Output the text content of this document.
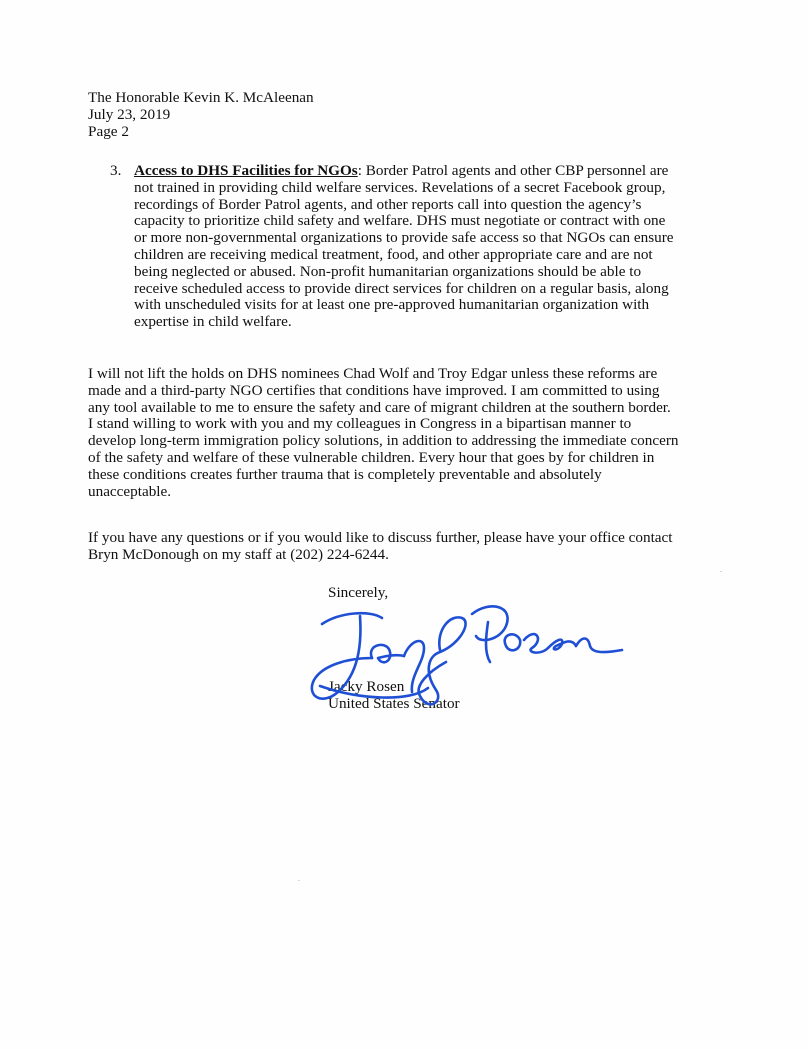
The Honorable Kevin K. McAleenan
July 23, 2019
Page 2
3. Access to DHS Facilities for NGOs: Border Patrol agents and other CBP personnel are
not trained in providing child welfare services. Revelations of a secret Facebook group,
recordings of Border Patrol agents, and other reports call into question the agency’s
capacity to prioritize child safety and welfare. DHS must negotiate or contract with one
or more non-governmental organizations to provide safe access so that NGOs can ensure
children are receiving medical treatment, food, and other appropriate care and are not
being neglected or abused. Non-profit humanitarian organizations should be able to
receive scheduled access to provide direct services for children on a regular basis, along
with unscheduled visits for at least one pre-approved humanitarian organization with
expertise in child welfare.
I will not lift the holds on DHS nominees Chad Wolf and Troy Edgar unless these reforms are
made and a third-party NGO certifies that conditions have improved. I am committed to using
any tool available to me to ensure the safety and care of migrant children at the southern border.
I stand willing to work with you and my colleagues in Congress in a bipartisan manner to
develop long-term immigration policy solutions, in addition to addressing the immediate concern
of the safety and welfare of these vulnerable children. Every hour that goes by for children in
these conditions creates further trauma that is completely preventable and absolutely
unacceptable.
If you have any questions or if you would like to discuss further, please have your office contact
Bryn McDonough on my staff at (202) 224-6244.
Sincerely,
Jacky Rosen
United States Senator
